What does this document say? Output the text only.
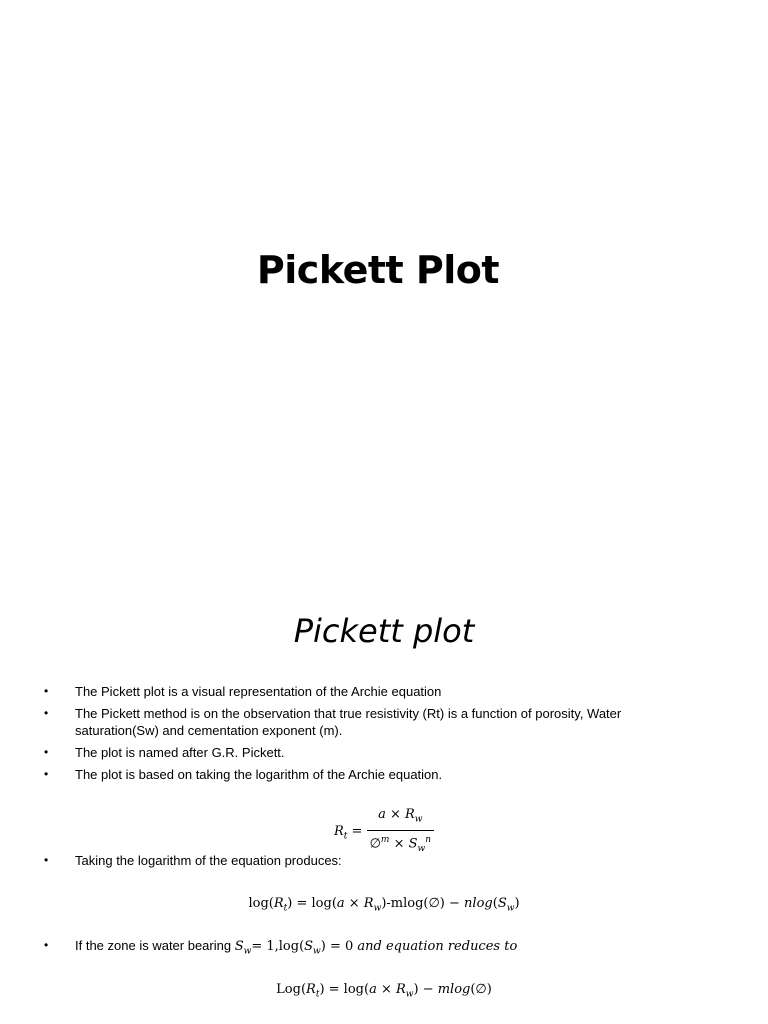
Pickett Plot
Pickett plot
•	The Pickett plot is a visual representation of the Archie equation
•	The Pickett method is on the observation that true resistivity (Rt) is a function of porosity, Water saturation(Sw) and cementation exponent (m).
•	The plot is named after G.R. Pickett.
•	The plot is based on taking the logarithm of the Archie equation.
$R_t = \frac{a \times R_w}{\emptyset^m \times S_w^n}$
•	Taking the logarithm of the equation produces:
$\log(R_t) = \log(a$ × $R_w)-mlog(\emptyset) - nlog(S_w)$
•	If the zone is water bearing $S_w= 1,\log(S_w) = 0$ and equation reduces to
$Log(R_t) = \log(a \times R_w)$ − mlog(∅)
